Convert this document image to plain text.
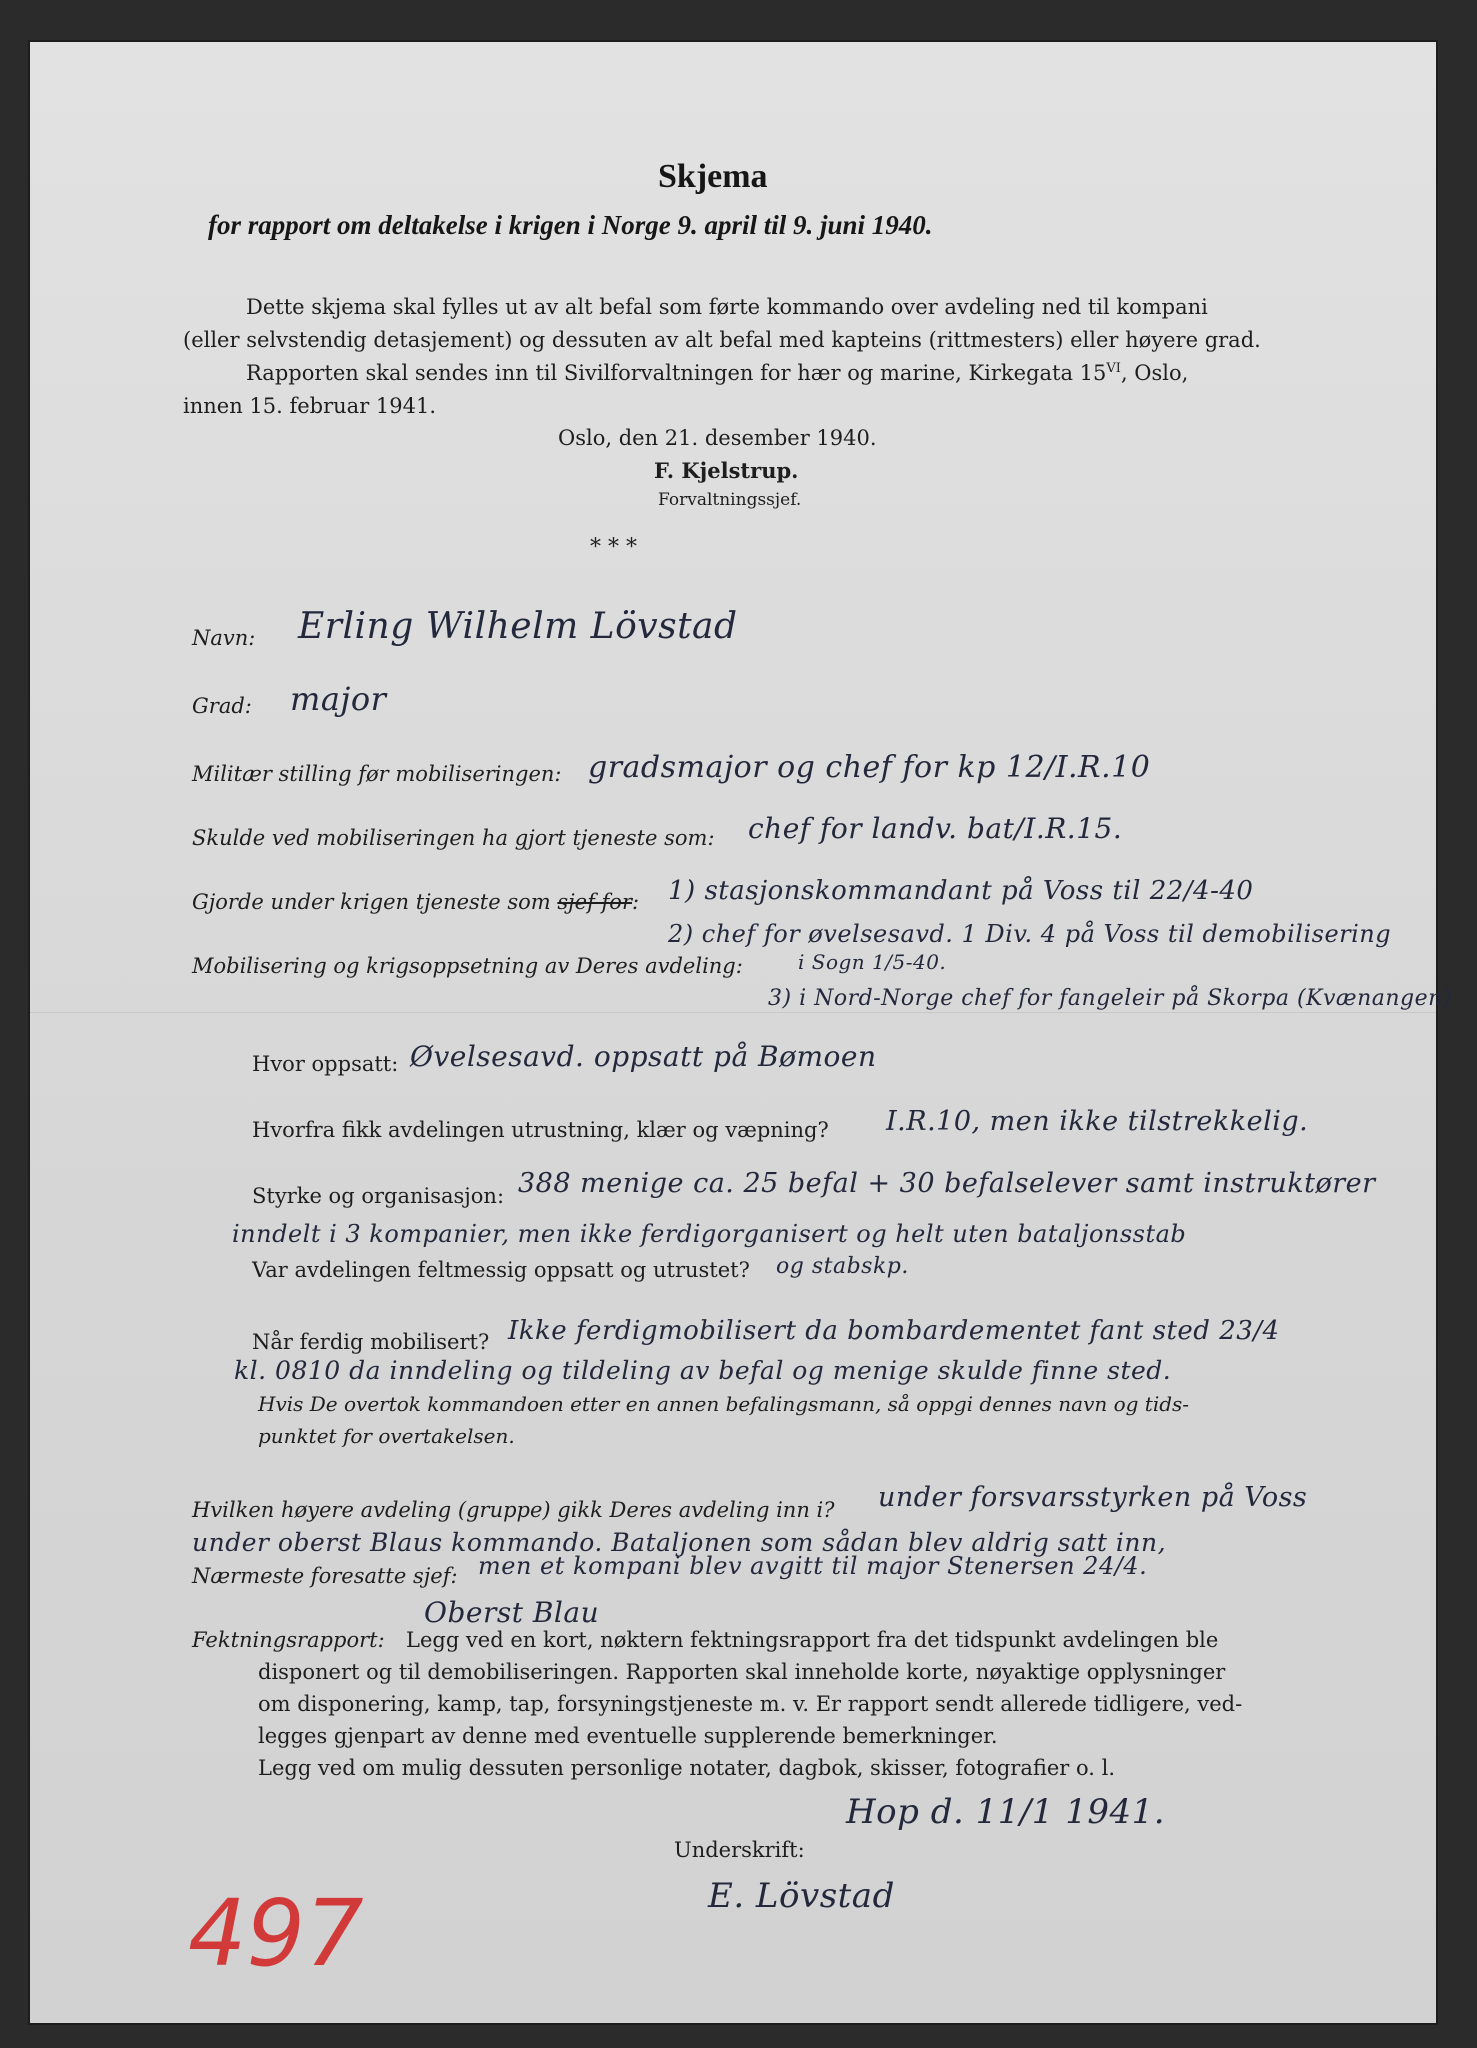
Skjema
for rapport om deltakelse i krigen i Norge 9. april til 9. juni 1940.
Dette skjema skal fylles ut av alt befal som førte kommando over avdeling ned til kompani
(eller selvstendig detasjement) og dessuten av alt befal med kapteins (rittmesters) eller høyere grad.
Rapporten skal sendes inn til Sivilforvaltningen for hær og marine, Kirkegata $15^{VI}$, Oslo,
innen 15. februar 1941.
Oslo, den 21. desember 1940.
F. Kjelstrup.
Forvaltningssjef.
* * *
Navn: Erling Wilhelm Lövstad
Grad: major
Militær stilling før mobiliseringen: gradsmajor og chef for kp 12/I.R.10
Skulde ved mobiliseringen ha gjort tjeneste som: chef for landv. bat/I.R.15.
Gjorde under krigen tjeneste som sjef for: 1) stasjonskommandant på Voss til 22/4-40
2) chef for øvelsesavd. 1 Div. 4 på Voss til demobilisering
Mobilisering og krigsoppsetning av Deres avdeling:	i Sogn 1/5-40.
3) i Nord-Norge chef for fangeleir på Skorpa (Kvænangen)
Hvor oppsatt: Øvelsesavd. oppsatt på Bømoen
Hvorfra fikk avdelingen utrustning, klær og væpning? I.R.10, men ikke tilstrekkelig.
Styrke og organisasjon: 388 menige ca. 25 befal + 30 befalselever samt instruktører
inndelt i 3 kompanier, men ikke ferdigorganisert og helt uten bataljonsstab
Var avdelingen feltmessig oppsatt og utrustet? og stabskp.
Når ferdig mobilisert? Ikke ferdigmobilisert da bombardementet fant sted 23/4
kl. 0810 da inndeling og tildeling av befal og menige skulde finne sted.
Hvis De overtok kommandoen etter en annen befalingsmann, så oppgi dennes navn og tids-
punktet for overtakelsen.
Hvilken høyere avdeling (gruppe) gikk Deres avdeling inn i? under forsvarsstyrken på Voss
under oberst Blaus kommando. Bataljonen som sådan blev aldrig satt inn,
Nærmeste foresatte sjef: men et kompani blev avgitt til major Stenersen 24/4.
Oberst Blau
Fektningsrapport: Legg ved en kort, nøktern fektningsrapport fra det tidspunkt avdelingen ble
disponert og til demobiliseringen. Rapporten skal inneholde korte, nøyaktige opplysninger
om disponering, kamp, tap, forsyningstjeneste m. v. Er rapport sendt allerede tidligere, ved-
legges gjenpart av denne med eventuelle supplerende bemerkninger.
Legg ved om mulig dessuten personlige notater, dagbok, skisser, fotografier o. l.
Hop d. 11/1 1941.
Underskrift:
E. Lövstad
497
